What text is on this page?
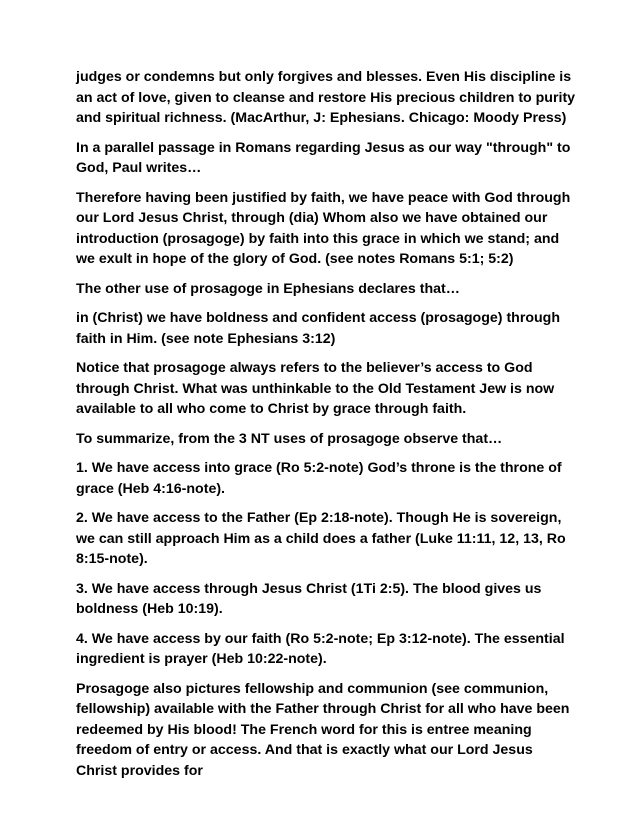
judges or condemns but only forgives and blesses. Even His discipline is an act of love, given to cleanse and restore His precious children to purity and spiritual richness. (MacArthur, J: Ephesians. Chicago: Moody Press)

In a parallel passage in Romans regarding Jesus as our way "through" to God, Paul writes…

Therefore having been justified by faith, we have peace with God through our Lord Jesus Christ, through (dia) Whom also we have obtained our introduction (prosagoge) by faith into this grace in which we stand; and we exult in hope of the glory of God. (see notes Romans 5:1; 5:2)

The other use of prosagoge in Ephesians declares that…

in (Christ) we have boldness and confident access (prosagoge) through faith in Him. (see note Ephesians 3:12)

Notice that prosagoge always refers to the believer’s access to God through Christ. What was unthinkable to the Old Testament Jew is now available to all who come to Christ by grace through faith.

To summarize, from the 3 NT uses of prosagoge observe that…

1. We have access into grace (Ro 5:2-note) God’s throne is the throne of grace (Heb 4:16-note).

2. We have access to the Father (Ep 2:18-note). Though He is sovereign, we can still approach Him as a child does a father (Luke 11:11, 12, 13, Ro 8:15-note).

3. We have access through Jesus Christ (1Ti 2:5). The blood gives us boldness (Heb 10:19).

4. We have access by our faith (Ro 5:2-note; Ep 3:12-note). The essential ingredient is prayer (Heb 10:22-note).

Prosagoge also pictures fellowship and communion (see communion, fellowship) available with the Father through Christ for all who have been redeemed by His blood! The French word for this is entree meaning freedom of entry or access. And that is exactly what our Lord Jesus Christ provides for
